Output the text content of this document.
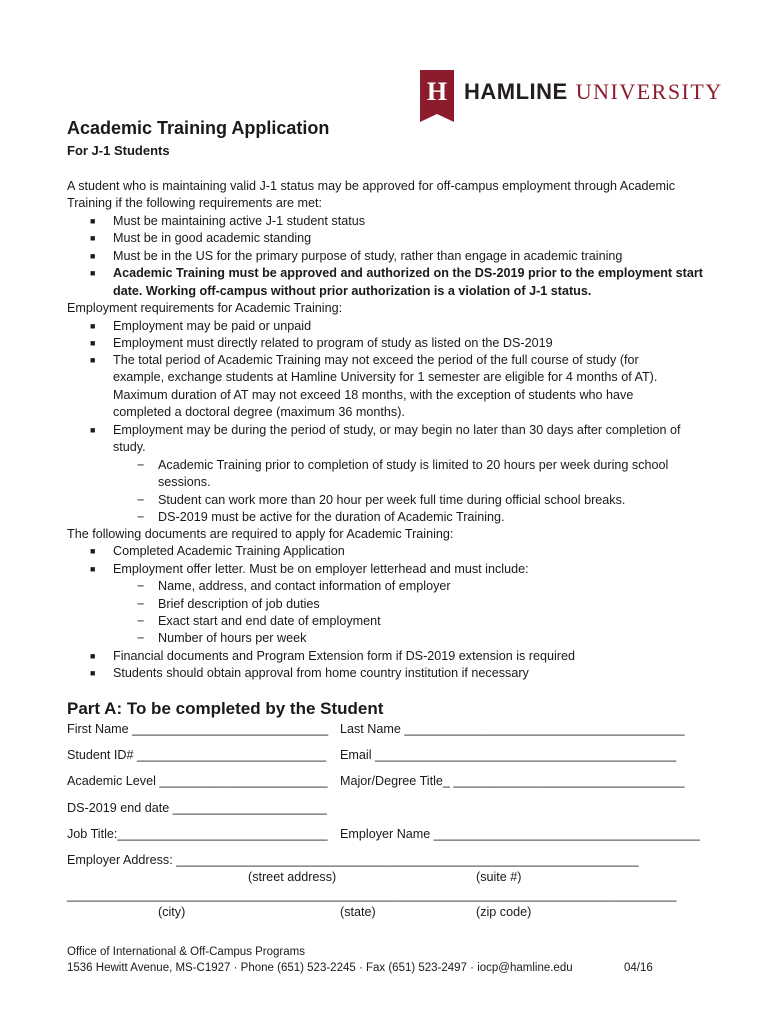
H HAMLINE UNIVERSITY
Academic Training Application
For J-1 Students
A student who is maintaining valid J-1 status may be approved for off-campus employment through Academic
Training if the following requirements are met:
■ Must be maintaining active J-1 student status
■ Must be in good academic standing
■ Must be in the US for the primary purpose of study, rather than engage in academic training
■ Academic Training must be approved and authorized on the DS-2019 prior to the employment start
date. Working off-campus without prior authorization is a violation of J-1 status.
Employment requirements for Academic Training:
■ Employment may be paid or unpaid
■ Employment must directly related to program of study as listed on the DS-2019
■ The total period of Academic Training may not exceed the period of the full course of study (for
example, exchange students at Hamline University for 1 semester are eligible for 4 months of AT).
Maximum duration of AT may not exceed 18 months, with the exception of students who have
completed a doctoral degree (maximum 36 months).
■ Employment may be during the period of study, or may begin no later than 30 days after completion of
study.
− Academic Training prior to completion of study is limited to 20 hours per week during school
sessions.
− Student can work more than 20 hour per week full time during official school breaks.
− DS-2019 must be active for the duration of Academic Training.
The following documents are required to apply for Academic Training:
■ Completed Academic Training Application
■ Employment offer letter. Must be on employer letterhead and must include:
− Name, address, and contact information of employer
− Brief description of job duties
− Exact start and end date of employment
− Number of hours per week
■ Financial documents and Program Extension form if DS-2019 extension is required
■ Students should obtain approval from home country institution if necessary
Part A: To be completed by the Student
First Name ____________________________ Last Name ________________________________________
Student ID# ___________________________ Email ___________________________________________
Academic Level ________________________ Major/Degree Title_ _________________________________
DS-2019 end date ______________________
Job Title:______________________________ Employer Name ______________________________________
Employer Address: __________________________________________________________________
(street address)	(suite #)
_______________________________________________________________________________________
(city)	(state)	(zip code)
Office of International & Off-Campus Programs
1536 Hewitt Avenue, MS-C1927 · Phone (651) 523-2245 · Fax (651) 523-2497 · iocp@hamline.edu	04/16
